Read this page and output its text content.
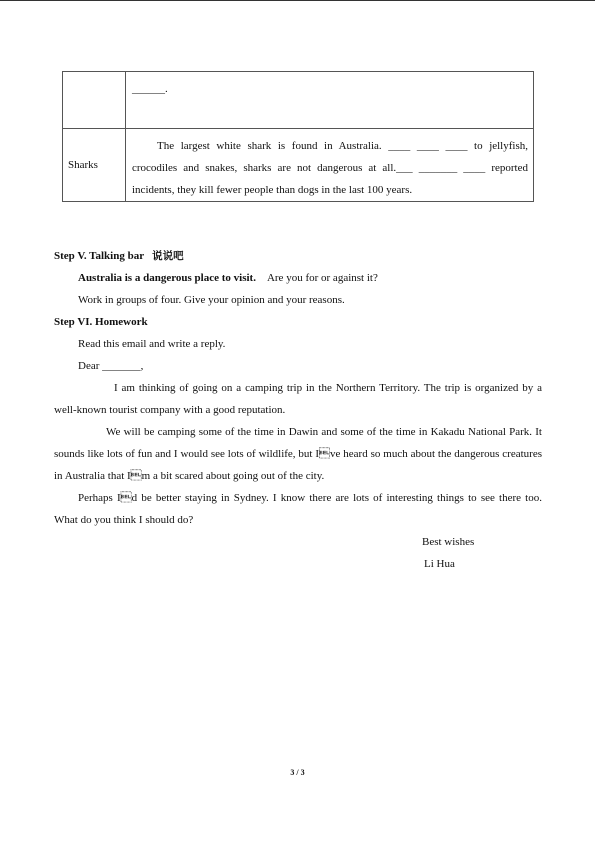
	______.

Sharks	The largest white shark is found in Australia. ____ ____ ____ to jellyfish, crocodiles and snakes, sharks are not dangerous at all.___ _______ ____ reported incidents, they kill fewer people than dogs in the last 100 years.
Step V. Talking bar 说说吧
Australia is a dangerous place to visit. Are you for or against it?
Work in groups of four. Give your opinion and your reasons.
Step VI. Homework
Read this email and write a reply.
Dear _______,
I am thinking of going on a camping trip in the Northern Territory. The trip is organized by a well-known tourist company with a good reputation.
We will be camping some of the time in Dawin and some of the time in Kakadu National Park. It sounds like lots of fun and I would see lots of wildlife, but Ive heard so much about the dangerous creatures in Australia that Im a bit scared about going out of the city.
Perhaps Id be better staying in Sydney. I know there are lots of interesting things to see there too. What do you think I should do?
Best wishes
Li Hua
3 / 3
